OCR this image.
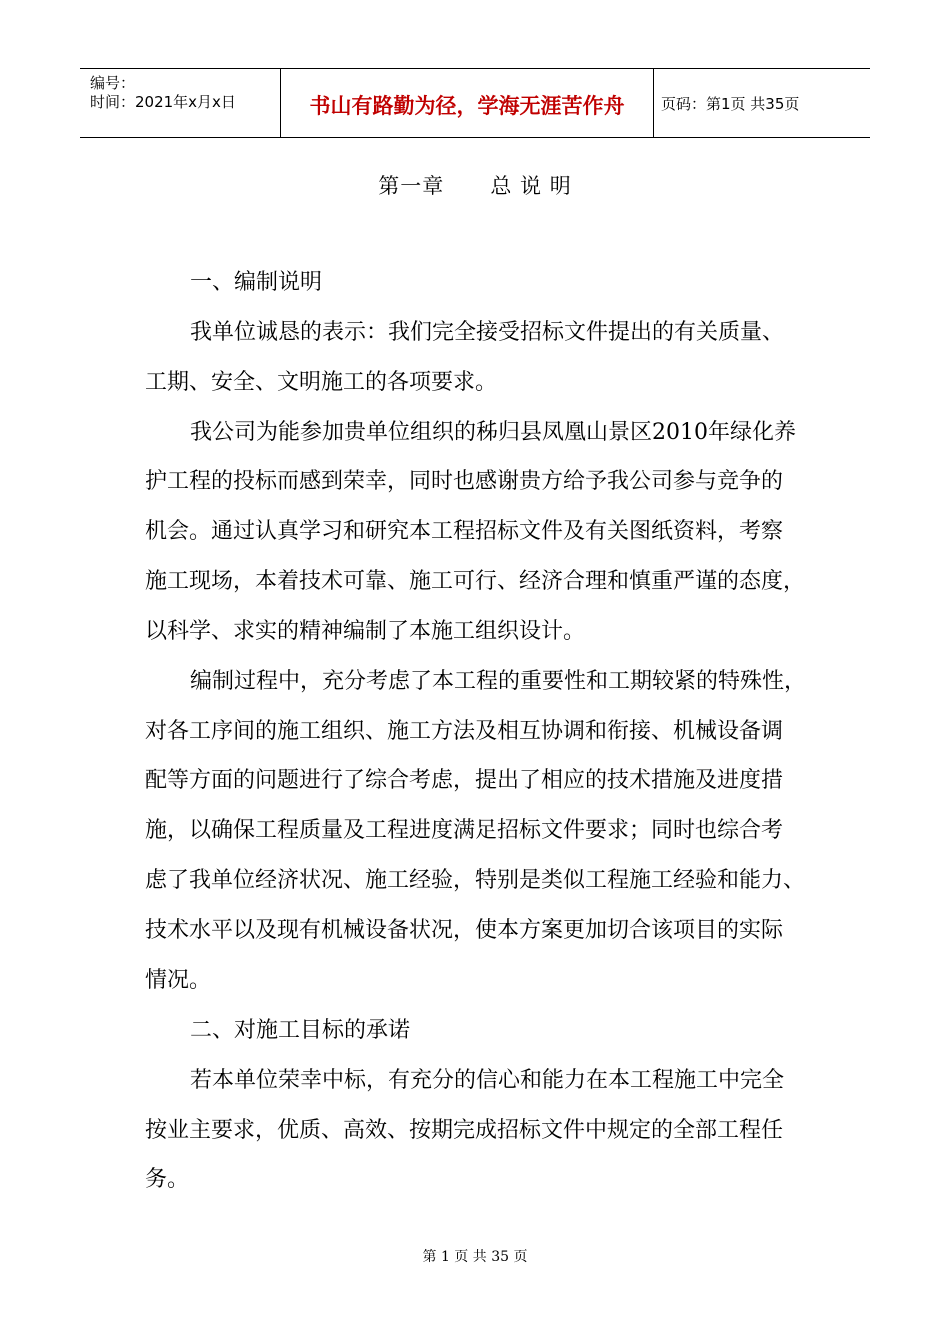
编号：
时间：2021年x月x日	书山有路勤为径，学海无涯苦作舟	页码：第1页 共35页
第一章      总 说 明
一、编制说明
我单位诚恳的表示：我们完全接受招标文件提出的有关质量、
工期、安全、文明施工的各项要求。
我公司为能参加贵单位组织的秭归县凤凰山景区2010年绿化养
护工程的投标而感到荣幸，同时也感谢贵方给予我公司参与竞争的
机会。通过认真学习和研究本工程招标文件及有关图纸资料，考察
施工现场，本着技术可靠、施工可行、经济合理和慎重严谨的态度，
以科学、求实的精神编制了本施工组织设计。
编制过程中，充分考虑了本工程的重要性和工期较紧的特殊性，
对各工序间的施工组织、施工方法及相互协调和衔接、机械设备调
配等方面的问题进行了综合考虑，提出了相应的技术措施及进度措
施，以确保工程质量及工程进度满足招标文件要求；同时也综合考
虑了我单位经济状况、施工经验，特别是类似工程施工经验和能力、
技术水平以及现有机械设备状况，使本方案更加切合该项目的实际
情况。
二、对施工目标的承诺
若本单位荣幸中标，有充分的信心和能力在本工程施工中完全
按业主要求，优质、高效、按期完成招标文件中规定的全部工程任
务。
第 1 页 共 35 页
